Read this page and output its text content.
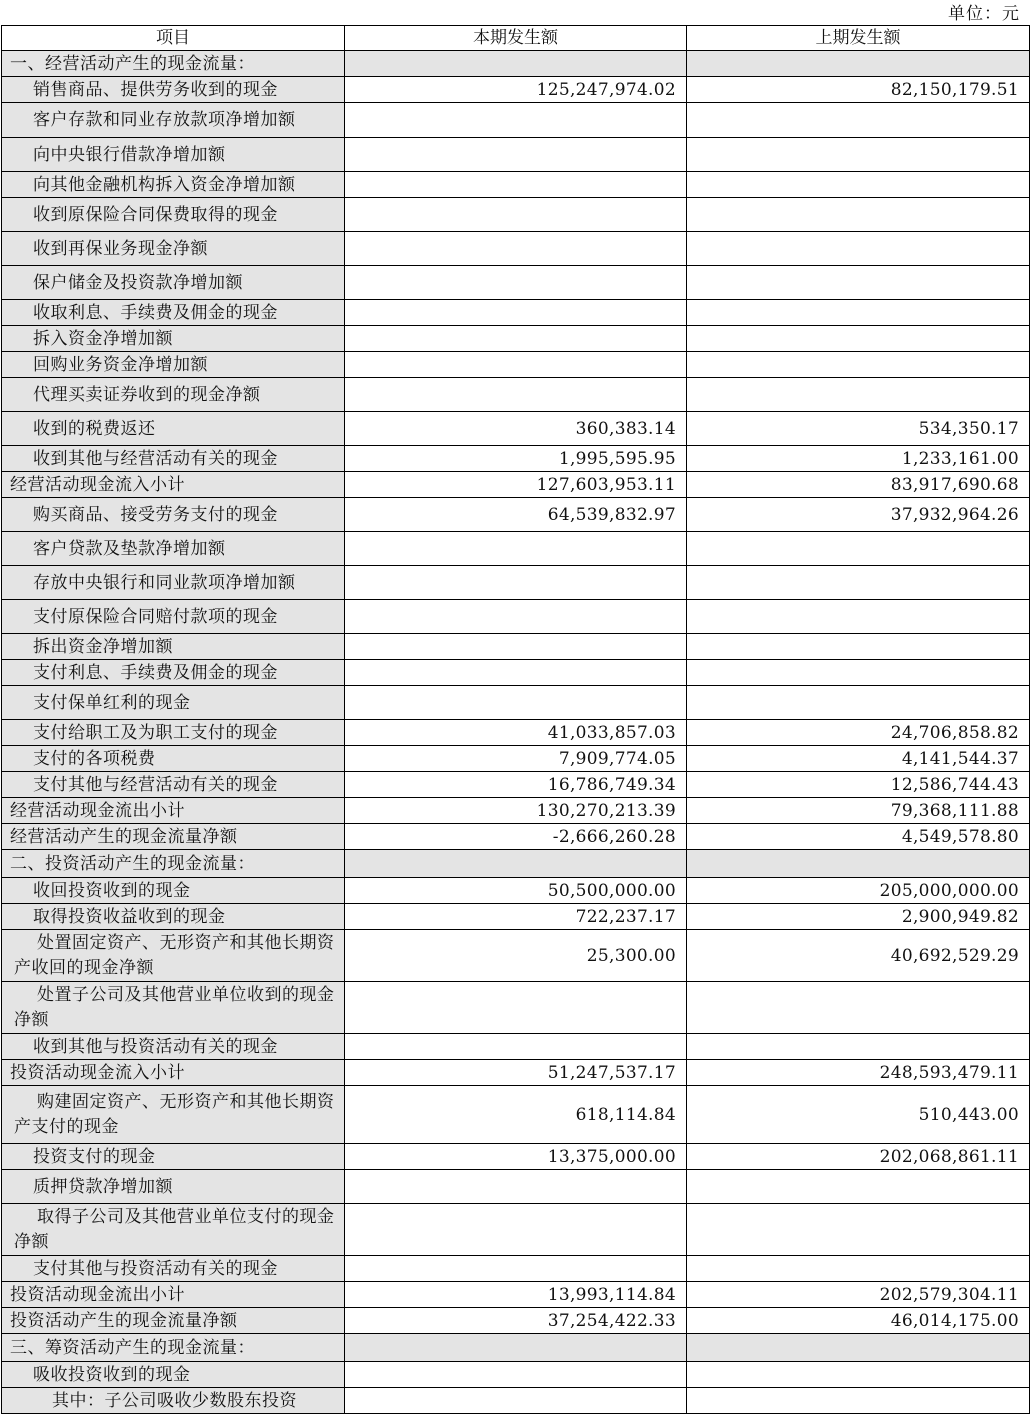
单位：元
项目	本期发生额	上期发生额
一、经营活动产生的现金流量：		
销售商品、提供劳务收到的现金	125,247,974.02	82,150,179.51
客户存款和同业存放款项净增加额		
向中央银行借款净增加额		
向其他金融机构拆入资金净增加额		
收到原保险合同保费取得的现金		
收到再保业务现金净额		
保户储金及投资款净增加额		
收取利息、手续费及佣金的现金		
拆入资金净增加额		
回购业务资金净增加额		
代理买卖证券收到的现金净额		
收到的税费返还	360,383.14	534,350.17
收到其他与经营活动有关的现金	1,995,595.95	1,233,161.00
经营活动现金流入小计	127,603,953.11	83,917,690.68
购买商品、接受劳务支付的现金	64,539,832.97	37,932,964.26
客户贷款及垫款净增加额		
存放中央银行和同业款项净增加额		
支付原保险合同赔付款项的现金		
拆出资金净增加额		
支付利息、手续费及佣金的现金		
支付保单红利的现金		
支付给职工及为职工支付的现金	41,033,857.03	24,706,858.82
支付的各项税费	7,909,774.05	4,141,544.37
支付其他与经营活动有关的现金	16,786,749.34	12,586,744.43
经营活动现金流出小计	130,270,213.39	79,368,111.88
经营活动产生的现金流量净额	-2,666,260.28	4,549,578.80
二、投资活动产生的现金流量：		
收回投资收到的现金	50,500,000.00	205,000,000.00
取得投资收益收到的现金	722,237.17	2,900,949.82
处置固定资产、无形资产和其他长期资产收回的现金净额	25,300.00	40,692,529.29
处置子公司及其他营业单位收到的现金净额		
收到其他与投资活动有关的现金		
投资活动现金流入小计	51,247,537.17	248,593,479.11
购建固定资产、无形资产和其他长期资产支付的现金	618,114.84	510,443.00
投资支付的现金	13,375,000.00	202,068,861.11
质押贷款净增加额		
取得子公司及其他营业单位支付的现金净额		
支付其他与投资活动有关的现金		
投资活动现金流出小计	13,993,114.84	202,579,304.11
投资活动产生的现金流量净额	37,254,422.33	46,014,175.00
三、筹资活动产生的现金流量：		
吸收投资收到的现金		
其中：子公司吸收少数股东投资		
